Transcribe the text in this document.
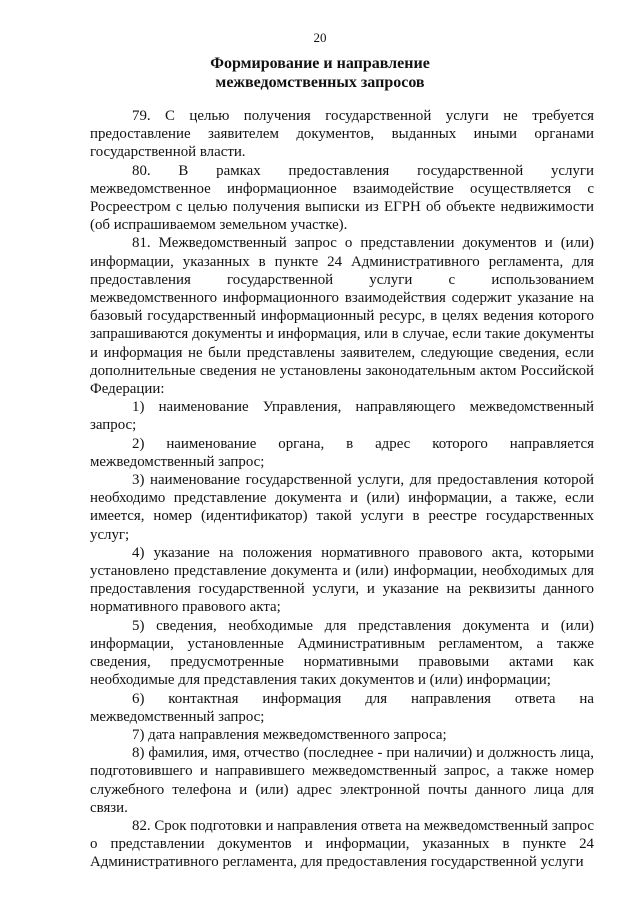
20
Формирование и направление
межведомственных запросов

79. С целью получения государственной услуги не требуется предоставление заявителем документов, выданных иными органами государственной власти.

80. В рамках предоставления государственной услуги межведомственное информационное взаимодействие осуществляется с Росреестром с целью получения выписки из ЕГРН об объекте недвижимости (об испрашиваемом земельном участке).

81. Межведомственный запрос о представлении документов и (или) информации, указанных в пункте 24 Административного регламента, для предоставления государственной услуги с использованием межведомственного информационного взаимодействия содержит указание на базовый государственный информационный ресурс, в целях ведения которого запрашиваются документы и информация, или в случае, если такие документы и информация не были представлены заявителем, следующие сведения, если дополнительные сведения не установлены законодательным актом Российской Федерации:

1) наименование Управления, направляющего межведомственный запрос;

2) наименование органа, в адрес которого направляется межведомственный запрос;

3) наименование государственной услуги, для предоставления которой необходимо представление документа и (или) информации, а также, если имеется, номер (идентификатор) такой услуги в реестре государственных услуг;

4) указание на положения нормативного правового акта, которыми установлено представление документа и (или) информации, необходимых для предоставления государственной услуги, и указание на реквизиты данного нормативного правового акта;

5) сведения, необходимые для представления документа и (или) информации, установленные Административным регламентом, а также сведения, предусмотренные нормативными правовыми актами как необходимые для представления таких документов и (или) информации;

6) контактная информация для направления ответа на межведомственный запрос;

7) дата направления межведомственного запроса;

8) фамилия, имя, отчество (последнее - при наличии) и должность лица, подготовившего и направившего межведомственный запрос, а также номер служебного телефона и (или) адрес электронной почты данного лица для связи.

82. Срок подготовки и направления ответа на межведомственный запрос о представлении документов и информации, указанных в пункте 24 Административного регламента, для предоставления государственной услуги
